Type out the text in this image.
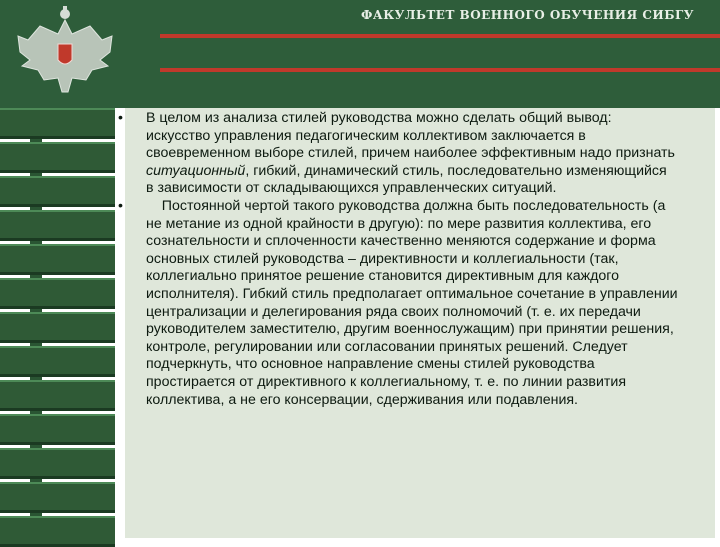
ФАКУЛЬТЕТ ВОЕННОГО ОБУЧЕНИЯ СИБГУ
• В целом из анализа стилей руководства можно сделать общий вывод: искусство управления педагогическим коллективом заключается в своевременном выборе стилей, причем наиболее эффективным надо признать ситуационный, гибкий, динамический стиль, последовательно изменяющийся в зависимости от складывающихся управленческих ситуаций.
• Постоянной чертой такого руководства должна быть последовательность (а не метание из одной крайности в другую): по мере развития коллектива, его сознательности и сплоченности качественно меняются содержание и форма основных стилей руководства – директивности и коллегиальности (так, коллегиально принятое решение становится директивным для каждого исполнителя). Гибкий стиль предполагает оптимальное сочетание в управлении централизации и делегирования ряда своих полномочий (т. е. их передачи руководителем заместителю, другим военнослужащим) при принятии решения, контроле, регулировании или согласовании принятых решений. Следует подчеркнуть, что основное направление смены стилей руководства простирается от директивного к коллегиальному, т. е. по линии развития коллектива, а не его консервации, сдерживания или подавления.
